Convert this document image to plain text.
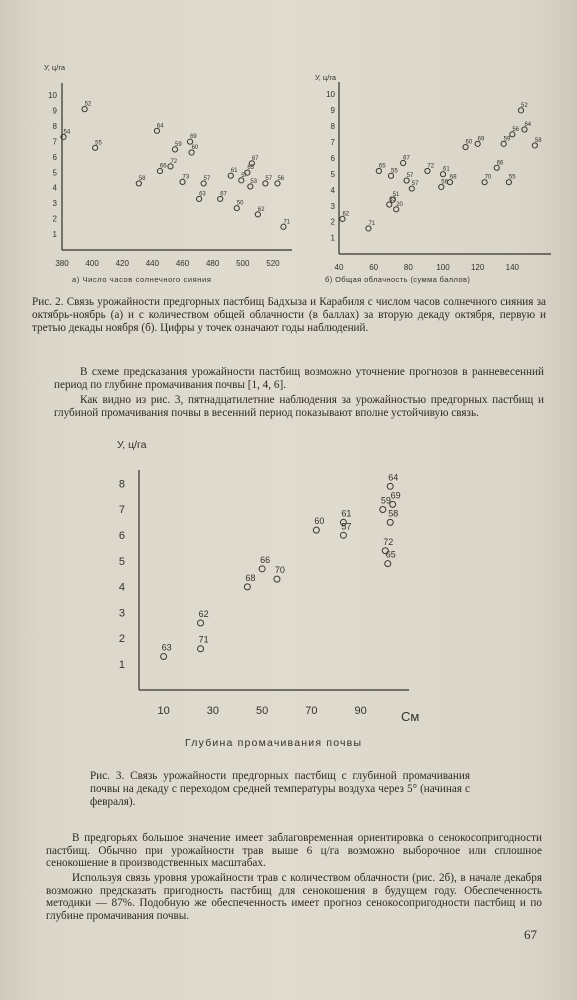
1
2
3
4
5
6
7
8
9
10
380 400 420 440 460 480 500 520
У, ц/га
а) Число часов солнечного сияния
54
52
55
58
64
66
72
59
73
69
60
63
57
67
61
50
5/
65
67
53
62
57 56
71
1
2
3
4
5
6
7
8
9
10
40	60	80	100	120	140
У, ц/га
б) Общая облачность (сумма баллов)
62
71
65
63
55
51
20
67
57
57
72
56
61
68
60
69
70
66
59
55
56
52
64
58
Рис. 2. Связь урожайности предгорных пастбищ Бадхыза и Карабиля с числом часов солнечного сияния за октябрь-ноябрь (а) и с количеством общей облачности (в баллах) за вторую декаду октября, первую и третью декады ноября (б). Цифры у точек означают годы наблюдений.
В схеме предсказания урожайности пастбищ возможно уточнение прогнозов в ранневесенний период по глубине промачивания почвы [1, 4, 6].
Как видно из рис. 3, пятнадцатилетние наблюдения за урожайностью предгорных пастбищ и глубиной промачивания почвы в весенний период показывают вполне устойчивую связь.
1
2
3
4
5
6
7
8
10	30	50	70	90
У, ц/га
Глубина промачивания почвы
См
63
71
62
68
66
70
60
61
57
59
64
69
58
72
65
Рис. 3. Связь урожайности предгорных пастбищ с глубиной промачивания почвы на декаду с переходом средней температуры воздуха через 5° (начиная с февраля).
В предгорьях большое значение имеет заблаговременная ориентировка о сенокосопригодности пастбищ. Обычно при урожайности трав выше 6 ц/га возможно выборочное или сплошное сенокошение в производственных масштабах.
Используя связь уровня урожайности трав с количеством облачности (рис. 2б), в начале декабря возможно предсказать пригодность пастбищ для сенокошения в будущем году. Обеспеченность методики — 87%. Подобную же обеспеченность имеет прогноз сенокосопригодности пастбищ и по глубине промачивания почвы.
67
